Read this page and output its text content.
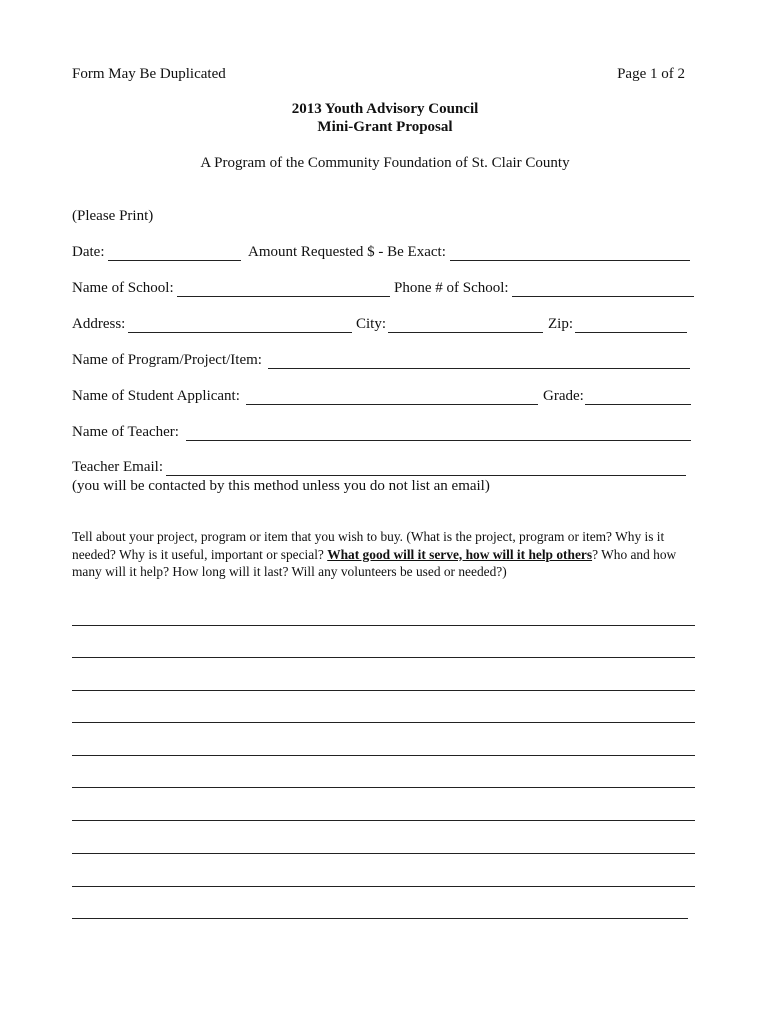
Form May Be Duplicated	Page 1 of 2
2013 Youth Advisory Council
Mini-Grant Proposal
A Program of the Community Foundation of St. Clair County
(Please Print)
Date:	Amount Requested $ - Be Exact:
Name of School:	Phone # of School:
Address:	City:	Zip:
Name of Program/Project/Item:
Name of Student Applicant:	Grade:
Name of Teacher:
Teacher Email:
(you will be contacted by this method unless you do not list an email)
Tell about your project, program or item that you wish to buy. (What is the project, program or item? Why is it needed? Why is it useful, important or special? What good will it serve, how will it help others? Who and how many will it help? How long will it last? Will any volunteers be used or needed?)
